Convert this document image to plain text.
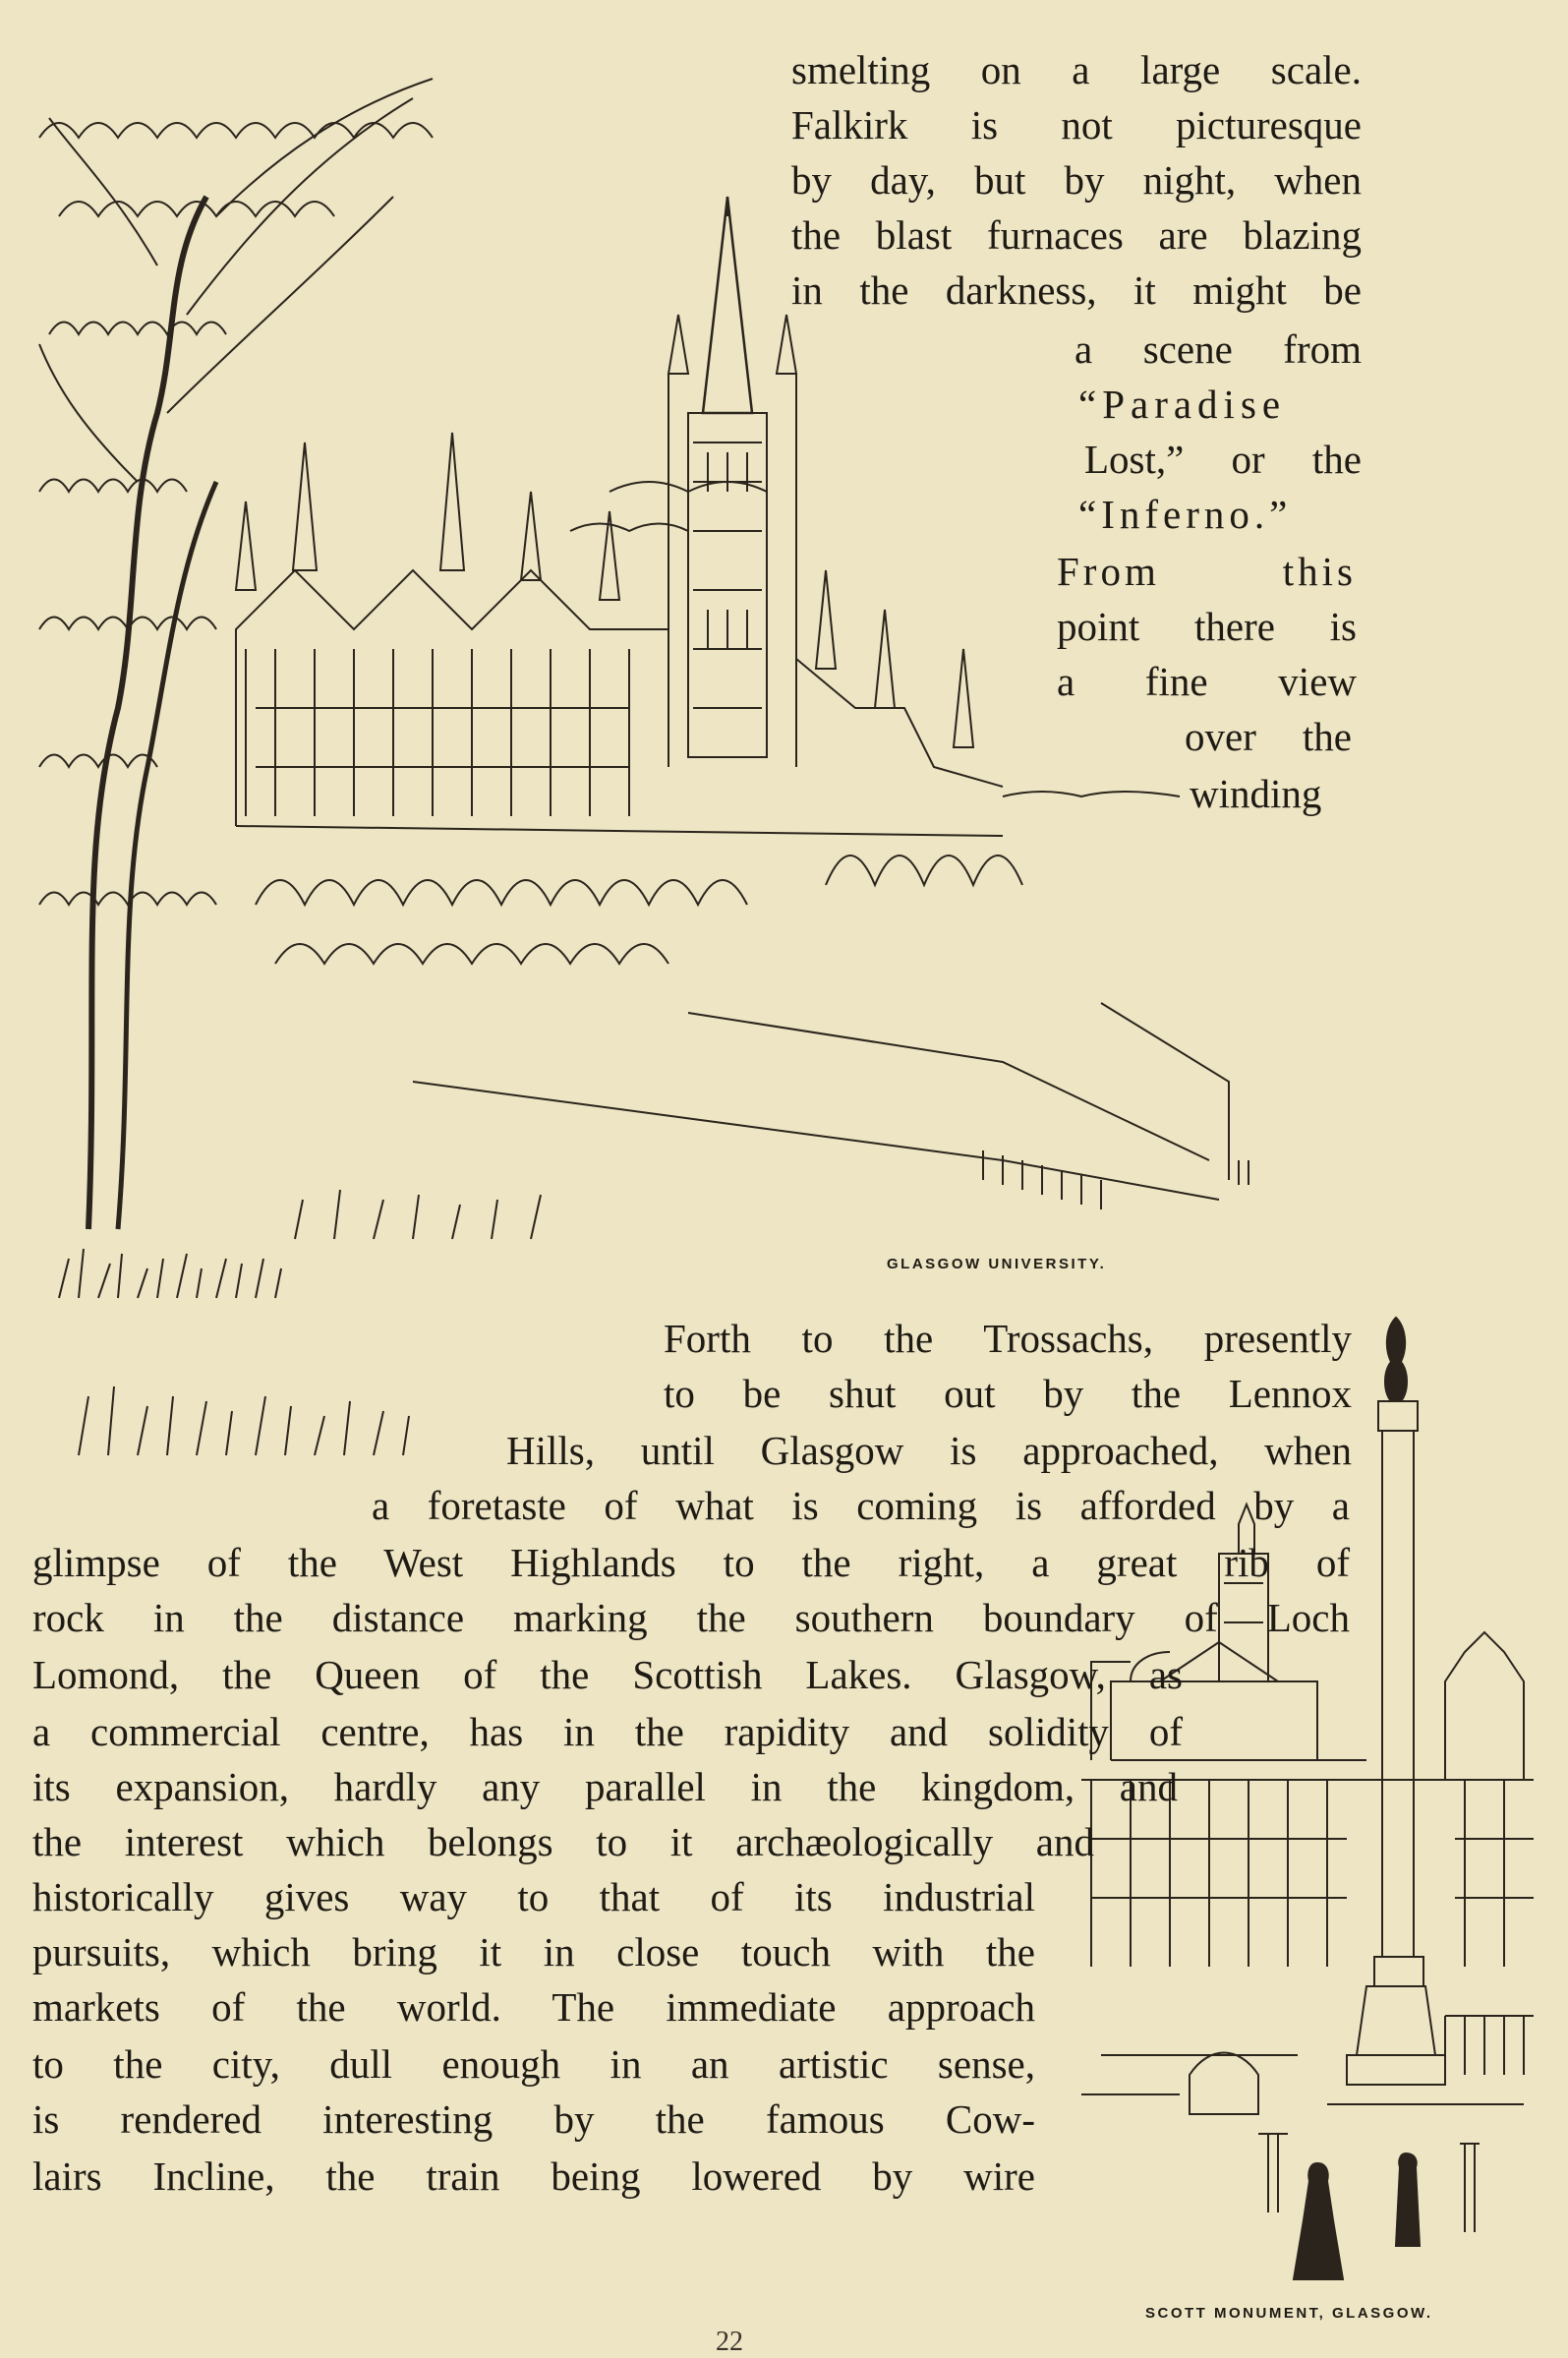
smelting on a large scale.
Falkirk is not picturesque
by day, but by night, when
the blast furnaces are blazing
in the darkness, it might be
a scene from
“Paradise
Lost,” or the
“Inferno.”
From this
point there is
a fine view
over the
winding
GLASGOW UNIVERSITY.
Forth to the Trossachs, presently
to be shut out by the Lennox
Hills, until Glasgow is approached, when
a foretaste of what is coming is afforded by a
glimpse of the West Highlands to the right, a great rib of
rock in the distance marking the southern boundary of Loch
Lomond, the Queen of the Scottish Lakes. Glasgow, as
a commercial centre, has in the rapidity and solidity of
its expansion, hardly any parallel in the kingdom, and
the interest which belongs to it archæologically and
historically gives way to that of its industrial
pursuits, which bring it in close touch with the
markets of the world. The immediate approach
to the city, dull enough in an artistic sense,
is rendered interesting by the famous Cow-
lairs Incline, the train being lowered by wire
SCOTT MONUMENT, GLASGOW.
22
